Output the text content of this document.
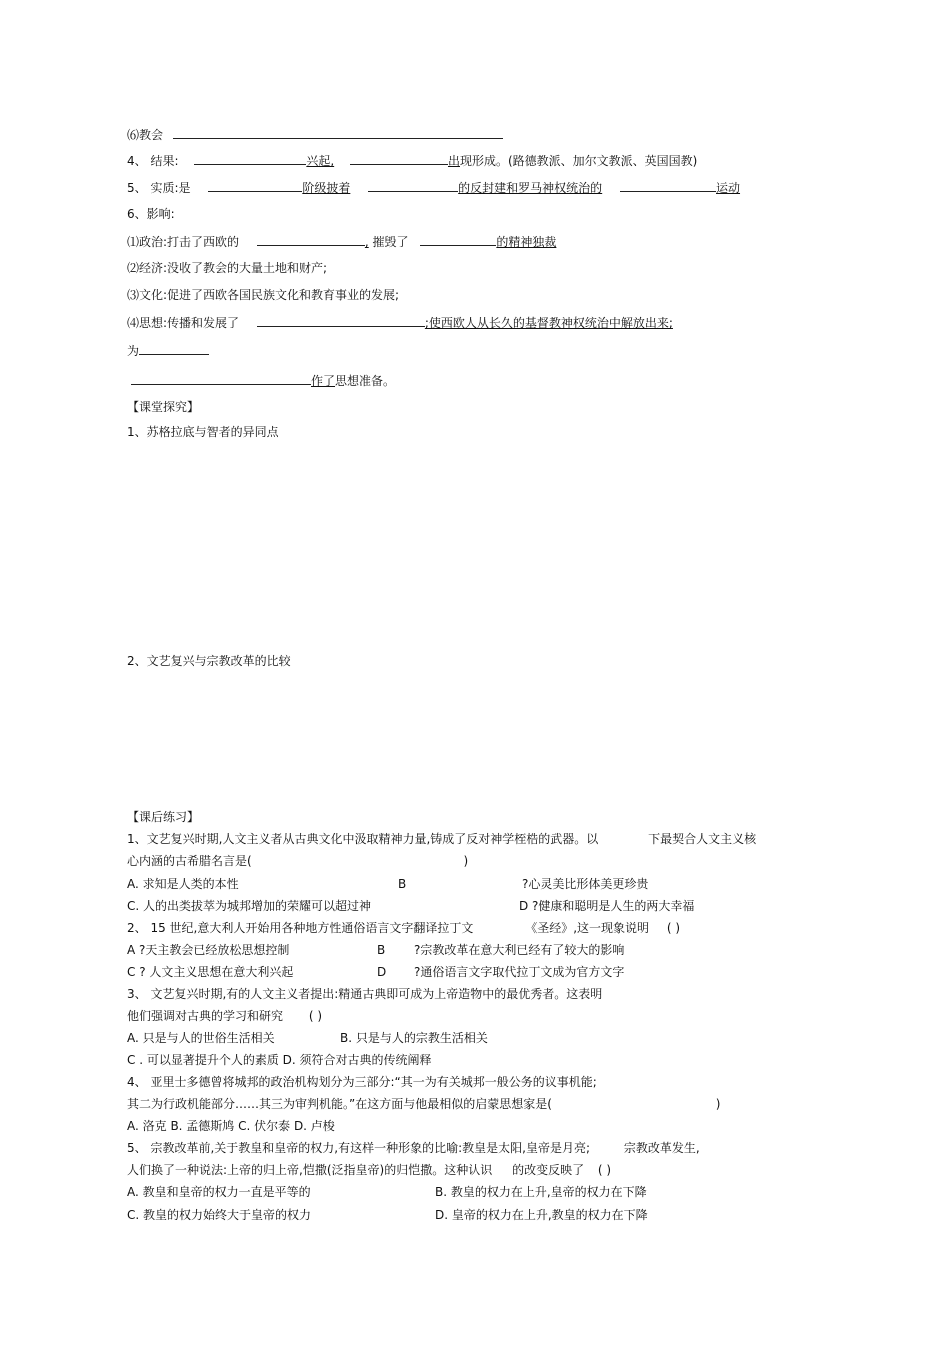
⑹教会
4、 结果:	兴起,	出现形成。(路德教派、加尔文教派、英国国教)
5、 实质:是	阶级披着	的反封建和罗马神权统治的	运动
6、影响:
⑴政治:打击了西欧的	, 摧毁了	的精神独裁
⑵经济:没收了教会的大量土地和财产;
⑶文化:促进了西欧各国民族文化和教育事业的发展;
⑷思想:传播和发展了	;使西欧人从长久的基督教神权统治中解放出来;
为
作了思想准备。
【课堂探究】
1、苏格拉底与智者的异同点
2、文艺复兴与宗教改革的比较
【课后练习】
1、文艺复兴时期,人文主义者从古典文化中汲取精神力量,铸成了反对神学桎梏的武器。以	下最契合人文主义核
心内涵的古希腊名言是(	)
A. 求知是人类的本性	B	?心灵美比形体美更珍贵
C. 人的出类拔萃为城邦增加的荣耀可以超过神	D ?健康和聪明是人生的两大幸福
2、 15 世纪,意大利人开始用各种地方性通俗语言文字翻译拉丁文	《圣经》,这一现象说明 ( )
A ?天主教会已经放松思想控制	B ?宗教改革在意大利已经有了较大的影响
C ? 人文主义思想在意大利兴起	D ?通俗语言文字取代拉丁文成为官方文字
3、 文艺复兴时期,有的人文主义者提出:精通古典即可成为上帝造物中的最优秀者。这表明
他们强调对古典的学习和研究 ( )
A. 只是与人的世俗生活相关	B. 只是与人的宗教生活相关
C . 可以显著提升个人的素质 D. 须符合对古典的传统阐释
4、 亚里士多德曾将城邦的政治机构划分为三部分:“其一为有关城邦一般公务的议事机能;
其二为行政机能部分……其三为审判机能。”在这方面与他最相似的启蒙思想家是(	)
A. 洛克 B. 孟德斯鸠 C. 伏尔泰 D. 卢梭
5、 宗教改革前,关于教皇和皇帝的权力,有这样一种形象的比喻:教皇是太阳,皇帝是月亮;	宗教改革发生,
人们换了一种说法:上帝的归上帝,恺撒(泛指皇帝)的归恺撒。这种认识 的改变反映了 ( )
A. 教皇和皇帝的权力一直是平等的	B. 教皇的权力在上升,皇帝的权力在下降
C. 教皇的权力始终大于皇帝的权力	D. 皇帝的权力在上升,教皇的权力在下降
